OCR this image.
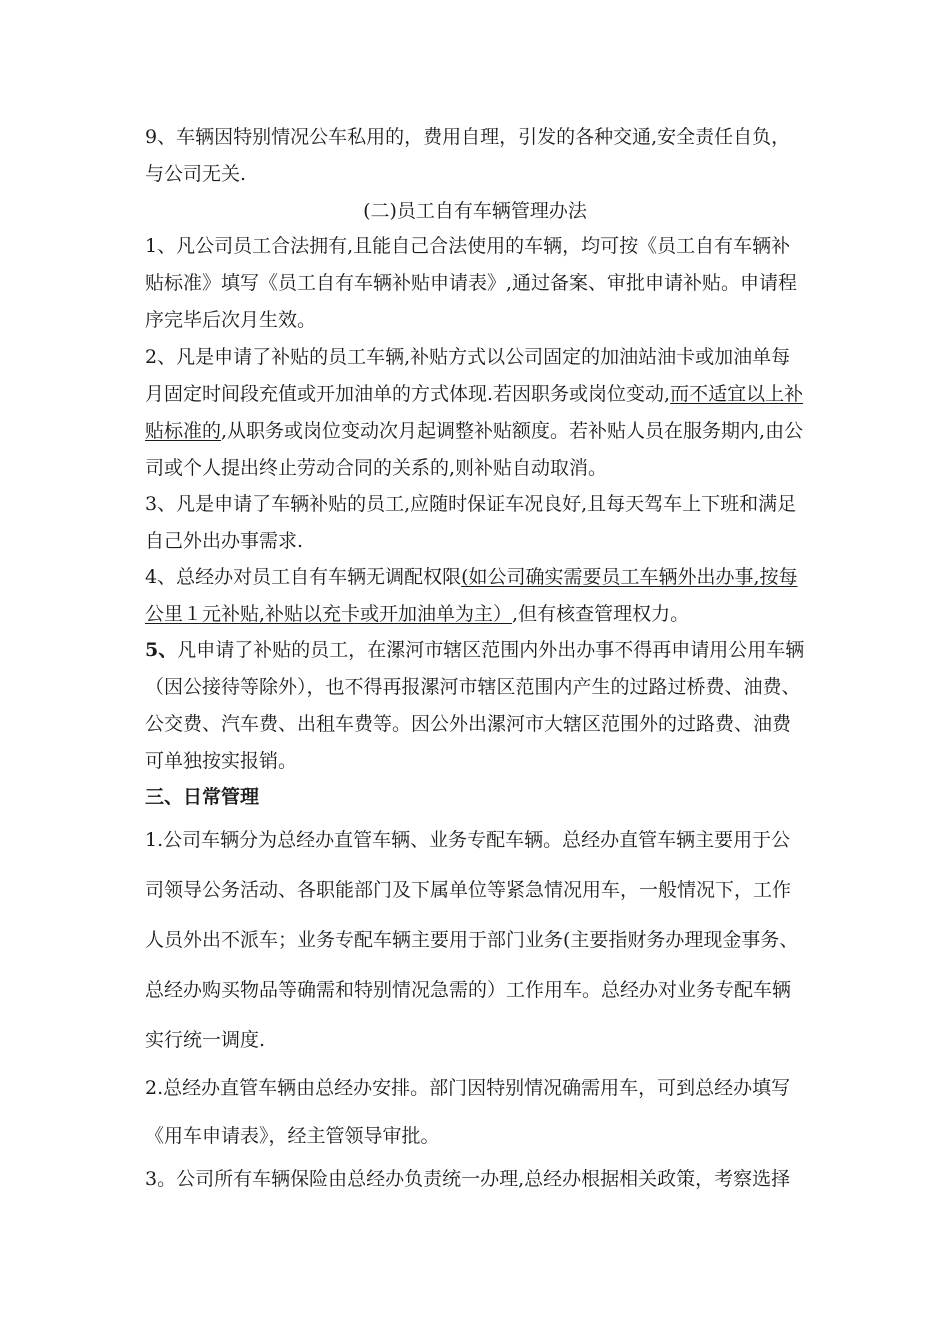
9、车辆因特别情况公车私用的，费用自理，引发的各种交通,安全责任自负，
与公司无关.
(二)员工自有车辆管理办法
1、凡公司员工合法拥有,且能自己合法使用的车辆，均可按《员工自有车辆补
贴标准》填写《员工自有车辆补贴申请表》,通过备案、审批申请补贴。申请程
序完毕后次月生效。
2、凡是申请了补贴的员工车辆,补贴方式以公司固定的加油站油卡或加油单每
月固定时间段充值或开加油单的方式体现.若因职务或岗位变动,而不适宜以上补
贴标准的,从职务或岗位变动次月起调整补贴额度。若补贴人员在服务期内,由公
司或个人提出终止劳动合同的关系的,则补贴自动取消。
3、凡是申请了车辆补贴的员工,应随时保证车况良好,且每天驾车上下班和满足
自己外出办事需求.
4、总经办对员工自有车辆无调配权限(如公司确实需要员工车辆外出办事,按每
公里１元补贴,补贴以充卡或开加油单为主）,但有核查管理权力。
5、凡申请了补贴的员工，在漯河市辖区范围内外出办事不得再申请用公用车辆
（因公接待等除外），也不得再报漯河市辖区范围内产生的过路过桥费、油费、
公交费、汽车费、出租车费等。因公外出漯河市大辖区范围外的过路费、油费
可单独按实报销。
三、日常管理
1.公司车辆分为总经办直管车辆、业务专配车辆。总经办直管车辆主要用于公
司领导公务活动、各职能部门及下属单位等紧急情况用车，一般情况下，工作
人员外出不派车；业务专配车辆主要用于部门业务(主要指财务办理现金事务、
总经办购买物品等确需和特别情况急需的）工作用车。总经办对业务专配车辆
实行统一调度.
2.总经办直管车辆由总经办安排。部门因特别情况确需用车，可到总经办填写
《用车申请表》，经主管领导审批。
3。公司所有车辆保险由总经办负责统一办理,总经办根据相关政策，考察选择
